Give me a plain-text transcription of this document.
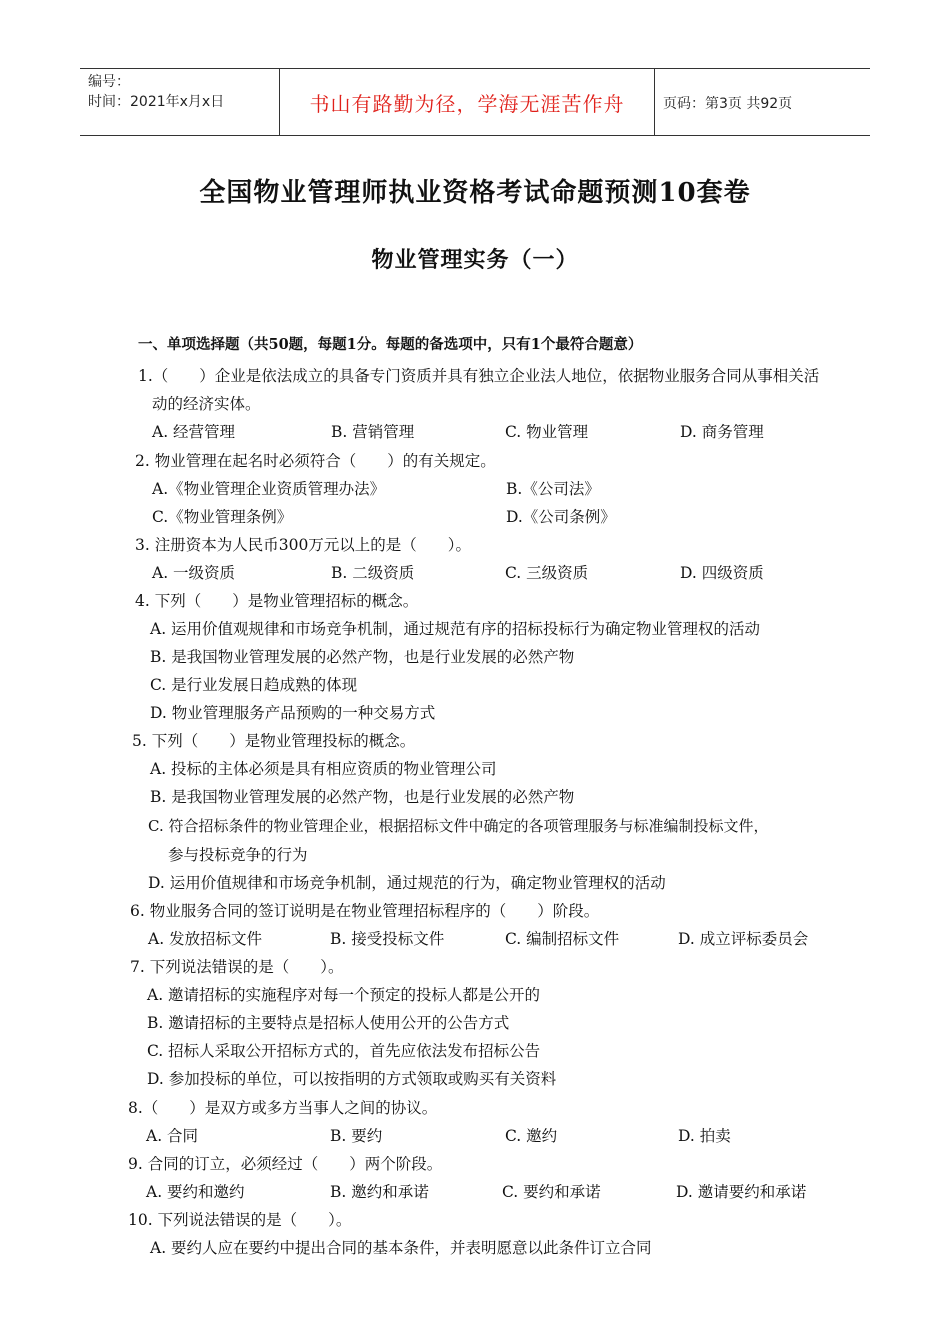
编号：
时间：2021年x月x日	书山有路勤为径，学海无涯苦作舟	页码：第3页 共92页
全国物业管理师执业资格考试命题预测10套卷
物业管理实务（一）
一、单项选择题（共50题，每题1分。每题的备选项中，只有1个最符合题意）
1.（　　）企业是依法成立的具备专门资质并具有独立企业法人地位，依据物业服务合同从事相关活
动的经济实体。
A. 经营管理	B. 营销管理	C. 物业管理	D. 商务管理
2. 物业管理在起名时必须符合（　　）的有关规定。
A.《物业管理企业资质管理办法》	B.《公司法》
C.《物业管理条例》	D.《公司条例》
3. 注册资本为人民币300万元以上的是（　　）。
A. 一级资质	B. 二级资质	C. 三级资质	D. 四级资质
4. 下列（　　）是物业管理招标的概念。
A. 运用价值观规律和市场竞争机制，通过规范有序的招标投标行为确定物业管理权的活动
B. 是我国物业管理发展的必然产物，也是行业发展的必然产物
C. 是行业发展日趋成熟的体现
D. 物业管理服务产品预购的一种交易方式
5. 下列（　　）是物业管理投标的概念。
A. 投标的主体必须是具有相应资质的物业管理公司
B. 是我国物业管理发展的必然产物，也是行业发展的必然产物
C. 符合招标条件的物业管理企业，根据招标文件中确定的各项管理服务与标准编制投标文件，
参与投标竞争的行为
D. 运用价值规律和市场竞争机制，通过规范的行为，确定物业管理权的活动
6. 物业服务合同的签订说明是在物业管理招标程序的（　　）阶段。
A. 发放招标文件	B. 接受投标文件	C. 编制招标文件	D. 成立评标委员会
7. 下列说法错误的是（　　）。
A. 邀请招标的实施程序对每一个预定的投标人都是公开的
B. 邀请招标的主要特点是招标人使用公开的公告方式
C. 招标人采取公开招标方式的，首先应依法发布招标公告
D. 参加投标的单位，可以按指明的方式领取或购买有关资料
8.（　　）是双方或多方当事人之间的协议。
A. 合同	B. 要约	C. 邀约	D. 拍卖
9. 合同的订立，必须经过（　　）两个阶段。
A. 要约和邀约	B. 邀约和承诺	C. 要约和承诺	D. 邀请要约和承诺
10. 下列说法错误的是（　　）。
A. 要约人应在要约中提出合同的基本条件，并表明愿意以此条件订立合同
